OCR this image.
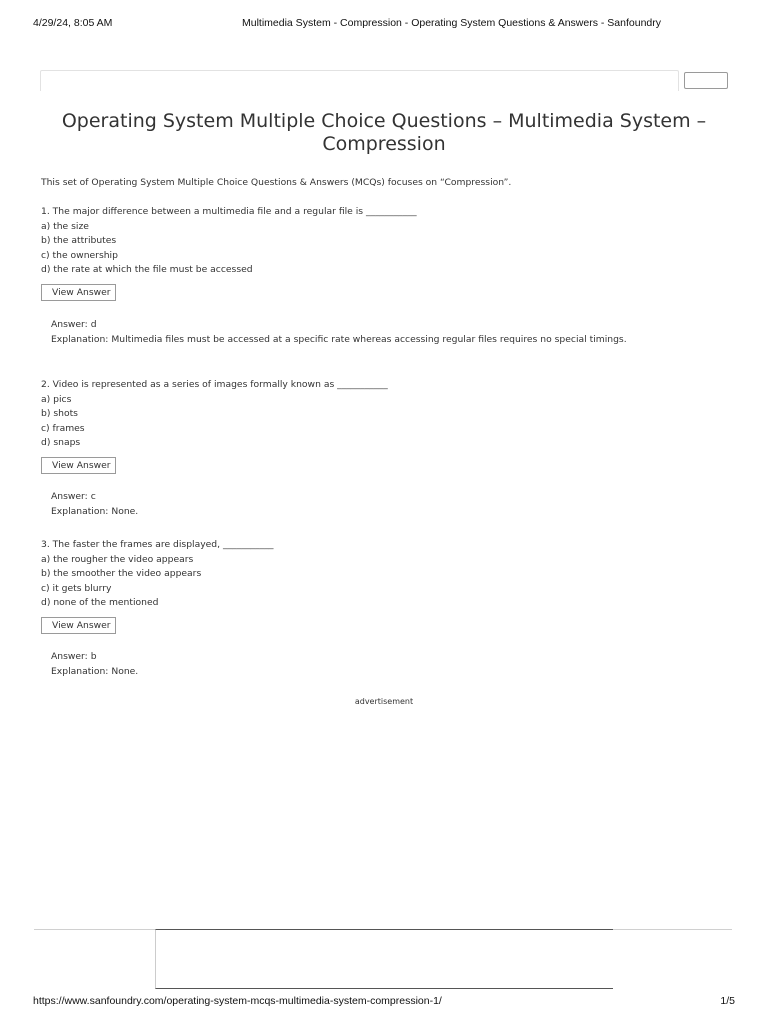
4/29/24, 8:05 AM	Multimedia System - Compression - Operating System Questions & Answers - Sanfoundry
Operating System Multiple Choice Questions – Multimedia System – Compression
This set of Operating System Multiple Choice Questions & Answers (MCQs) focuses on “Compression”.
1. The major difference between a multimedia file and a regular file is ___________
a) the size
b) the attributes
c) the ownership
d) the rate at which the file must be accessed
View Answer
Answer: d
Explanation: Multimedia files must be accessed at a specific rate whereas accessing regular files requires no special timings.
2. Video is represented as a series of images formally known as ___________
a) pics
b) shots
c) frames
d) snaps
View Answer
Answer: c
Explanation: None.
3. The faster the frames are displayed, ___________
a) the rougher the video appears
b) the smoother the video appears
c) it gets blurry
d) none of the mentioned
View Answer
Answer: b
Explanation: None.
advertisement
https://www.sanfoundry.com/operating-system-mcqs-multimedia-system-compression-1/	1/5
